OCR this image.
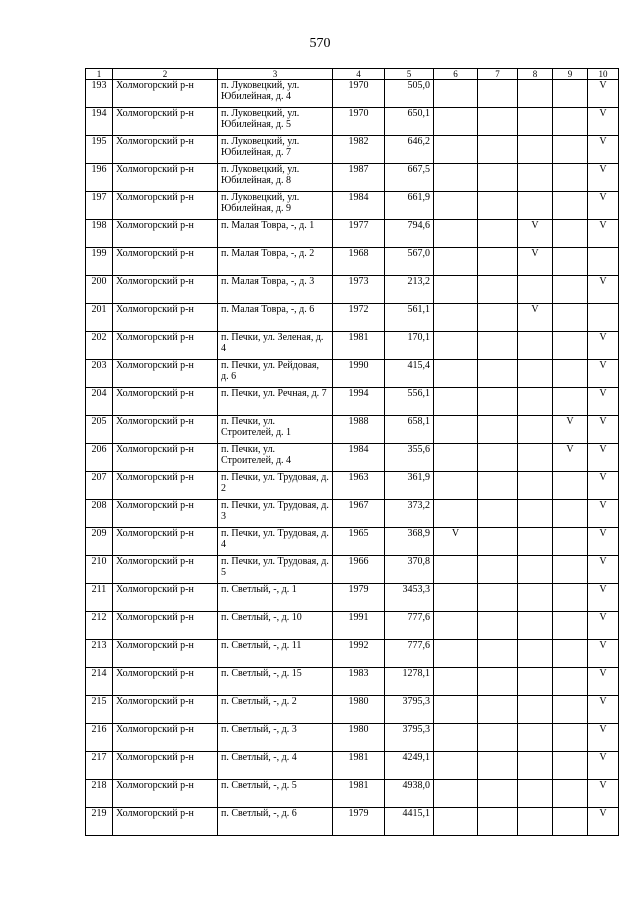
570
1	2	3	4	5	6	7	8	9	10
193	Холмогорский р-н	п. Луковецкий, ул. Юбилейная, д. 4	1970	505,0					V
194	Холмогорский р-н	п. Луковецкий, ул. Юбилейная, д. 5	1970	650,1					V
195	Холмогорский р-н	п. Луковецкий, ул. Юбилейная, д. 7	1982	646,2					V
196	Холмогорский р-н	п. Луковецкий, ул. Юбилейная, д. 8	1987	667,5					V
197	Холмогорский р-н	п. Луковецкий, ул. Юбилейная, д. 9	1984	661,9					V
198	Холмогорский р-н	п. Малая Товра, -, д. 1	1977	794,6			V		V
199	Холмогорский р-н	п. Малая Товра, -, д. 2	1968	567,0			V		
200	Холмогорский р-н	п. Малая Товра, -, д. 3	1973	213,2					V
201	Холмогорский р-н	п. Малая Товра, -, д. 6	1972	561,1			V		
202	Холмогорский р-н	п. Печки, ул. Зеленая, д. 4	1981	170,1					V
203	Холмогорский р-н	п. Печки, ул. Рейдовая, д. 6	1990	415,4					V
204	Холмогорский р-н	п. Печки, ул. Речная, д. 7	1994	556,1					V
205	Холмогорский р-н	п. Печки, ул. Строителей, д. 1	1988	658,1				V	V
206	Холмогорский р-н	п. Печки, ул. Строителей, д. 4	1984	355,6				V	V
207	Холмогорский р-н	п. Печки, ул. Трудовая, д. 2	1963	361,9					V
208	Холмогорский р-н	п. Печки, ул. Трудовая, д. 3	1967	373,2					V
209	Холмогорский р-н	п. Печки, ул. Трудовая, д. 4	1965	368,9	V				V
210	Холмогорский р-н	п. Печки, ул. Трудовая, д. 5	1966	370,8					V
211	Холмогорский р-н	п. Светлый, -, д. 1	1979	3453,3					V
212	Холмогорский р-н	п. Светлый, -, д. 10	1991	777,6					V
213	Холмогорский р-н	п. Светлый, -, д. 11	1992	777,6					V
214	Холмогорский р-н	п. Светлый, -, д. 15	1983	1278,1					V
215	Холмогорский р-н	п. Светлый, -, д. 2	1980	3795,3					V
216	Холмогорский р-н	п. Светлый, -, д. 3	1980	3795,3					V
217	Холмогорский р-н	п. Светлый, -, д. 4	1981	4249,1					V
218	Холмогорский р-н	п. Светлый, -, д. 5	1981	4938,0					V
219	Холмогорский р-н	п. Светлый, -, д. 6	1979	4415,1					V
